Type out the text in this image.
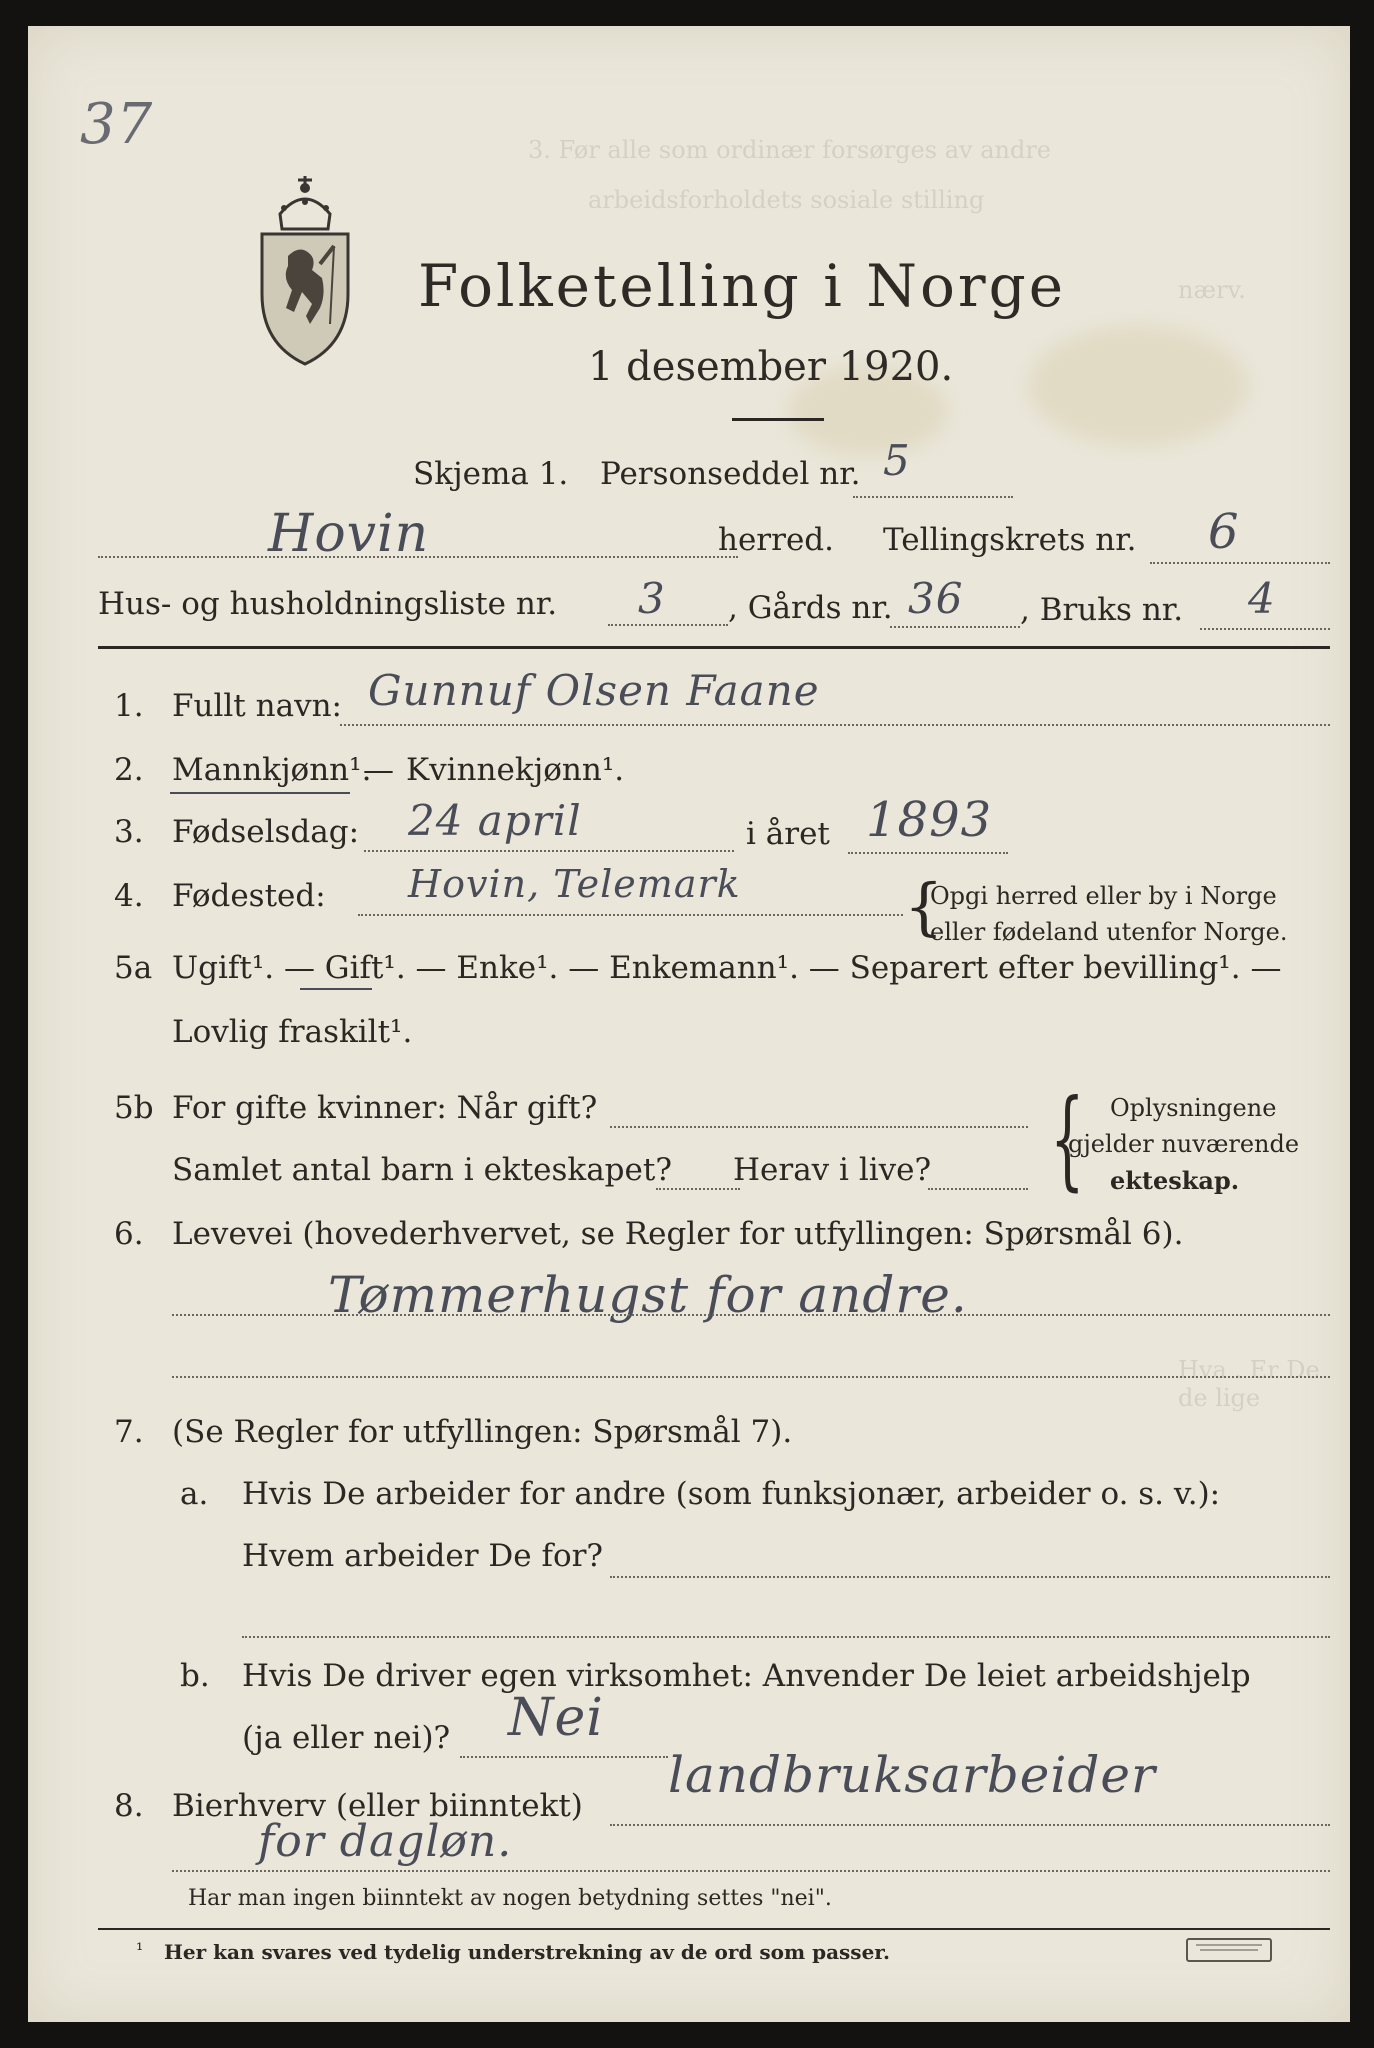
3. Før alle som ordinær forsørges av andre
arbeidsforholdets sosiale stilling
nærv.
Hva . Er De de lige
37
Folketelling i Norge
1 desember 1920.
Skjema 1. Personseddel nr. 5
Hovin	herred. Tellingskrets nr. 6
Hus- og husholdningsliste nr. 3 , Gårds nr. 36 , Bruks nr. 4
1. Fullt navn: Gunnuf Olsen Faane
2. Mannkjønn¹.
— Kvinnekjønn¹.
3. Fødselsdag: 24 april	i året 1893
4. Fødested: Hovin, Telemark	{
Opgi herred eller by i Norge
eller fødeland utenfor Norge.
5a Ugift¹. — Gift¹. — Enke¹. — Enkemann¹. — Separert efter bevilling¹. —
Lovlig fraskilt¹.
5b For gifte kvinner: Når gift?
Samlet antal barn i ekteskapet? Herav i live? { Oplysningene
gjelder nuværende
ekteskap.
6. Levevei (hovederhvervet, se Regler for utfyllingen: Spørsmål 6).
Tømmerhugst for andre.
7. (Se Regler for utfyllingen: Spørsmål 7).
a. Hvis De arbeider for andre (som funksjonær, arbeider o. s. v.):
Hvem arbeider De for?
b. Hvis De driver egen virksomhet: Anvender De leiet arbeidshjelp
(ja eller nei)? Nei
8. Bierhverv (eller biinntekt)
landbruksarbeider
for dagløn.
Har man ingen biinntekt av nogen betydning settes "nei".
¹ Her kan svares ved tydelig understrekning av de ord som passer.
